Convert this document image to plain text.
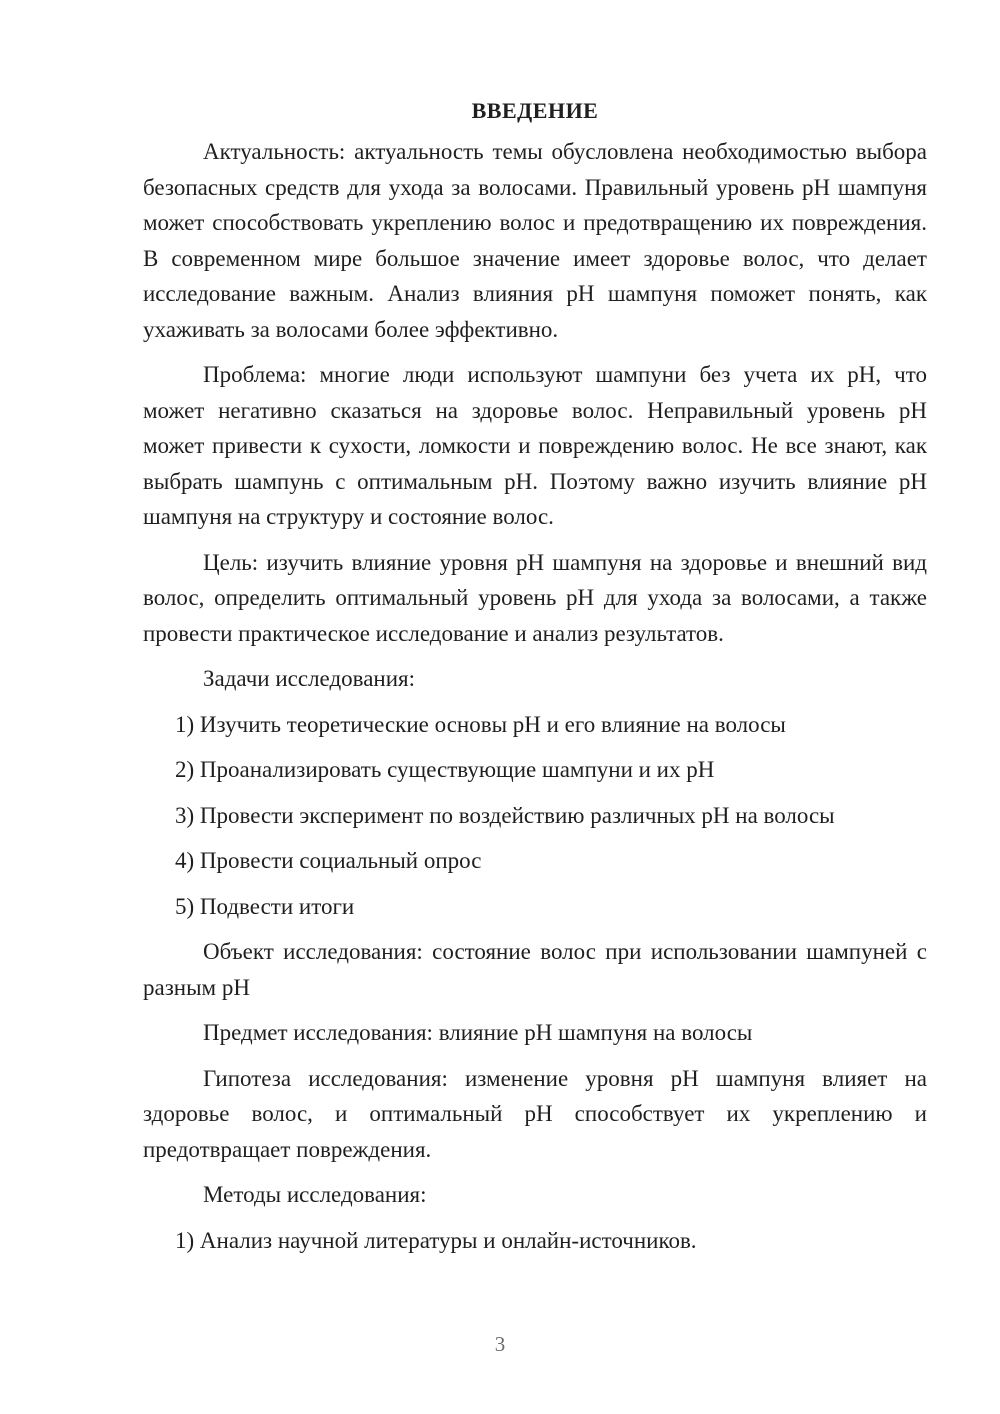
ВВЕДЕНИЕ

Актуальность: актуальность темы обусловлена необходимостью выбора безопасных средств для ухода за волосами. Правильный уровень pH шампуня может способствовать укреплению волос и предотвращению их повреждения. В современном мире большое значение имеет здоровье волос, что делает исследование важным. Анализ влияния pH шампуня поможет понять, как ухаживать за волосами более эффективно.

Проблема: многие люди используют шампуни без учета их pH, что может негативно сказаться на здоровье волос. Неправильный уровень pH может привести к сухости, ломкости и повреждению волос. Не все знают, как выбрать шампунь с оптимальным pH. Поэтому важно изучить влияние pH шампуня на структуру и состояние волос.

Цель: изучить влияние уровня pH шампуня на здоровье и внешний вид волос, определить оптимальный уровень pH для ухода за волосами, а также провести практическое исследование и анализ результатов.

Задачи исследования:

1) Изучить теоретические основы pH и его влияние на волосы

2) Проанализировать существующие шампуни и их pH

3) Провести эксперимент по воздействию различных pH на волосы

4) Провести социальный опрос

5) Подвести итоги

Объект исследования: состояние волос при использовании шампуней с разным pH

Предмет исследования: влияние pH шампуня на волосы

Гипотеза исследования: изменение уровня pH шампуня влияет на здоровье волос, и оптимальный pH способствует их укреплению и предотвращает повреждения.

Методы исследования:

1) Анализ научной литературы и онлайн-источников.

3
